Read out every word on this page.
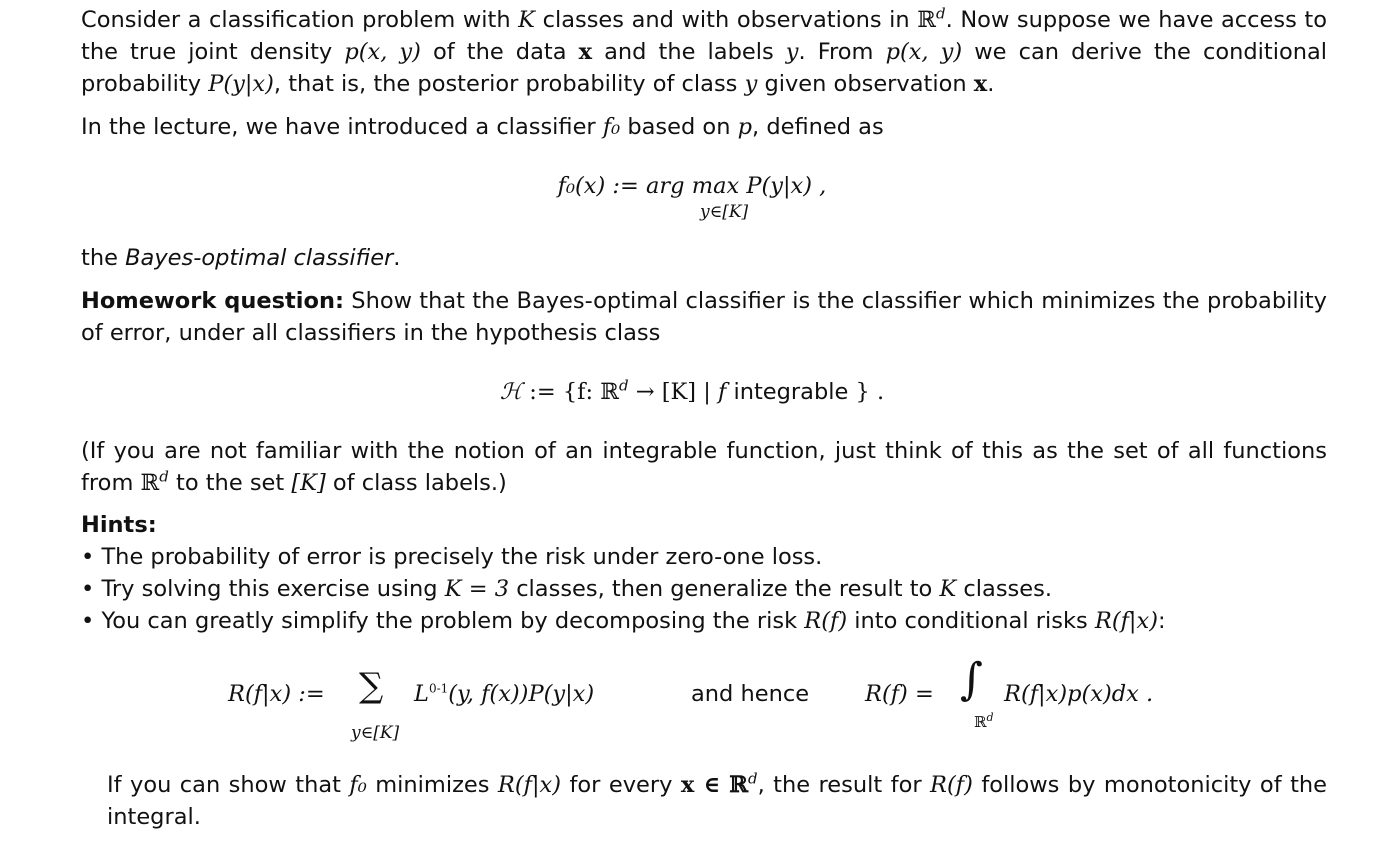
Consider a classification problem with K classes and with observations in ℝ$^d$. Now suppose we have access to the true joint density p(x, y) of the data x and the labels y. From p(x, y) we can derive the conditional probability P(y|x), that is, the posterior probability of class y given observation x.
In the lecture, we have introduced a classifier f₀ based on p, defined as
f₀(x) := arg max P(y|x) ,
y∈[K]
the Bayes-optimal classifier.
Homework question: Show that the Bayes-optimal classifier is the classifier which minimizes the probability of error, under all classifiers in the hypothesis class
ℋ := {f: ℝ$^d$ → [K] | f integrable } .
(If you are not familiar with the notion of an integrable function, just think of this as the set of all functions from ℝ$^d$ to the set [K] of class labels.)
Hints:
• The probability of error is precisely the risk under zero-one loss.
• Try solving this exercise using K = 3 classes, then generalize the result to K classes.
• You can greatly simplify the problem by decomposing the risk R(f) into conditional risks R(f|x):
R(f|x) := ∑ $L^{0-1}(y$, f(x))P(y|x)
y∈[K]
and hence R(f) = ∫
ℝ$^d$
R(f|x)p(x)dx .
If you can show that f₀ minimizes R(f|x) for every x ∈ ℝ$^d$, the result for R(f) follows by monotonicity of the integral.
